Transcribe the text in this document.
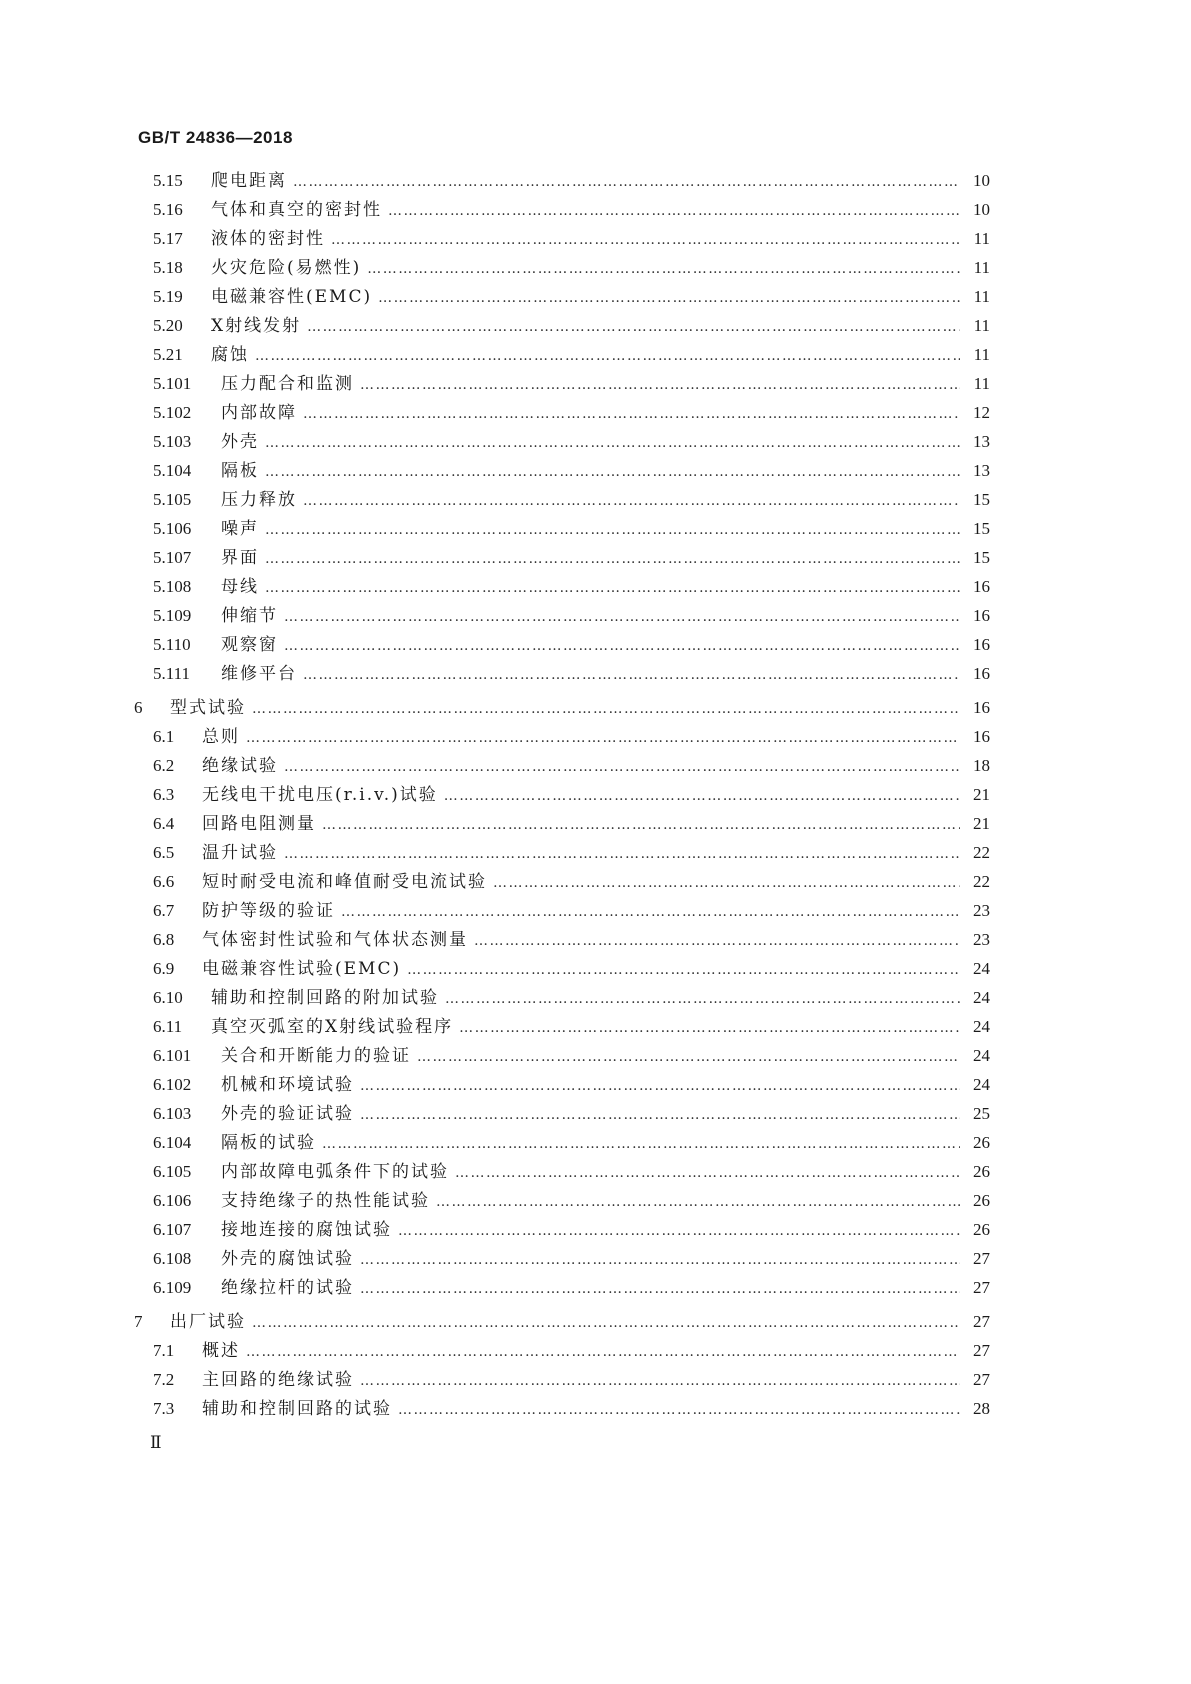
GB/T 24836—2018
5.15	爬电距离 …………………………………………………………………………………………………………………………………………………………………………………………………………………………………………………………………………………………………	10
5.16	气体和真空的密封性 …………………………………………………………………………………………………………………………………………………………………………………………………………………………………………………………………………………………………	10
5.17	液体的密封性 …………………………………………………………………………………………………………………………………………………………………………………………………………………………………………………………………………………………………	11
5.18	火灾危险(易燃性) …………………………………………………………………………………………………………………………………………………………………………………………………………………………………………………………………………………………………	11
5.19	电磁兼容性(EMC) …………………………………………………………………………………………………………………………………………………………………………………………………………………………………………………………………………………………………	11
5.20	X射线发射 …………………………………………………………………………………………………………………………………………………………………………………………………………………………………………………………………………………………………	11
5.21	腐蚀 …………………………………………………………………………………………………………………………………………………………………………………………………………………………………………………………………………………………………	11
5.101	压力配合和监测 …………………………………………………………………………………………………………………………………………………………………………………………………………………………………………………………………………………………………	11
5.102	内部故障 …………………………………………………………………………………………………………………………………………………………………………………………………………………………………………………………………………………………………	12
5.103	外壳 …………………………………………………………………………………………………………………………………………………………………………………………………………………………………………………………………………………………………	13
5.104	隔板 …………………………………………………………………………………………………………………………………………………………………………………………………………………………………………………………………………………………………	13
5.105	压力释放 …………………………………………………………………………………………………………………………………………………………………………………………………………………………………………………………………………………………………	15
5.106	噪声 …………………………………………………………………………………………………………………………………………………………………………………………………………………………………………………………………………………………………	15
5.107	界面 …………………………………………………………………………………………………………………………………………………………………………………………………………………………………………………………………………………………………	15
5.108	母线 …………………………………………………………………………………………………………………………………………………………………………………………………………………………………………………………………………………………………	16
5.109	伸缩节 …………………………………………………………………………………………………………………………………………………………………………………………………………………………………………………………………………………………………	16
5.110	观察窗 …………………………………………………………………………………………………………………………………………………………………………………………………………………………………………………………………………………………………	16
5.111	维修平台 …………………………………………………………………………………………………………………………………………………………………………………………………………………………………………………………………………………………………	16
6	型式试验 …………………………………………………………………………………………………………………………………………………………………………………………………………………………………………………………………………………………………	16
6.1	总则 …………………………………………………………………………………………………………………………………………………………………………………………………………………………………………………………………………………………………	16
6.2	绝缘试验 …………………………………………………………………………………………………………………………………………………………………………………………………………………………………………………………………………………………………	18
6.3	无线电干扰电压(r.i.v.)试验 …………………………………………………………………………………………………………………………………………………………………………………………………………………………………………………………………………………………………	21
6.4	回路电阻测量 …………………………………………………………………………………………………………………………………………………………………………………………………………………………………………………………………………………………………	21
6.5	温升试验 …………………………………………………………………………………………………………………………………………………………………………………………………………………………………………………………………………………………………	22
6.6	短时耐受电流和峰值耐受电流试验 …………………………………………………………………………………………………………………………………………………………………………………………………………………………………………………………………………………………………	22
6.7	防护等级的验证 …………………………………………………………………………………………………………………………………………………………………………………………………………………………………………………………………………………………………	23
6.8	气体密封性试验和气体状态测量 …………………………………………………………………………………………………………………………………………………………………………………………………………………………………………………………………………………………………	23
6.9	电磁兼容性试验(EMC) …………………………………………………………………………………………………………………………………………………………………………………………………………………………………………………………………………………………………	24
6.10	辅助和控制回路的附加试验 …………………………………………………………………………………………………………………………………………………………………………………………………………………………………………………………………………………………………	24
6.11	真空灭弧室的X射线试验程序 …………………………………………………………………………………………………………………………………………………………………………………………………………………………………………………………………………………………………	24
6.101	关合和开断能力的验证 …………………………………………………………………………………………………………………………………………………………………………………………………………………………………………………………………………………………………	24
6.102	机械和环境试验 …………………………………………………………………………………………………………………………………………………………………………………………………………………………………………………………………………………………………	24
6.103	外壳的验证试验 …………………………………………………………………………………………………………………………………………………………………………………………………………………………………………………………………………………………………	25
6.104	隔板的试验 …………………………………………………………………………………………………………………………………………………………………………………………………………………………………………………………………………………………………	26
6.105	内部故障电弧条件下的试验 …………………………………………………………………………………………………………………………………………………………………………………………………………………………………………………………………………………………………	26
6.106	支持绝缘子的热性能试验 …………………………………………………………………………………………………………………………………………………………………………………………………………………………………………………………………………………………………	26
6.107	接地连接的腐蚀试验 …………………………………………………………………………………………………………………………………………………………………………………………………………………………………………………………………………………………………	26
6.108	外壳的腐蚀试验 …………………………………………………………………………………………………………………………………………………………………………………………………………………………………………………………………………………………………	27
6.109	绝缘拉杆的试验 …………………………………………………………………………………………………………………………………………………………………………………………………………………………………………………………………………………………………	27
7	出厂试验 …………………………………………………………………………………………………………………………………………………………………………………………………………………………………………………………………………………………………	27
7.1	概述 …………………………………………………………………………………………………………………………………………………………………………………………………………………………………………………………………………………………………	27
7.2	主回路的绝缘试验 …………………………………………………………………………………………………………………………………………………………………………………………………………………………………………………………………………………………………	27
7.3	辅助和控制回路的试验 …………………………………………………………………………………………………………………………………………………………………………………………………………………………………………………………………………………………………	28
Ⅱ
